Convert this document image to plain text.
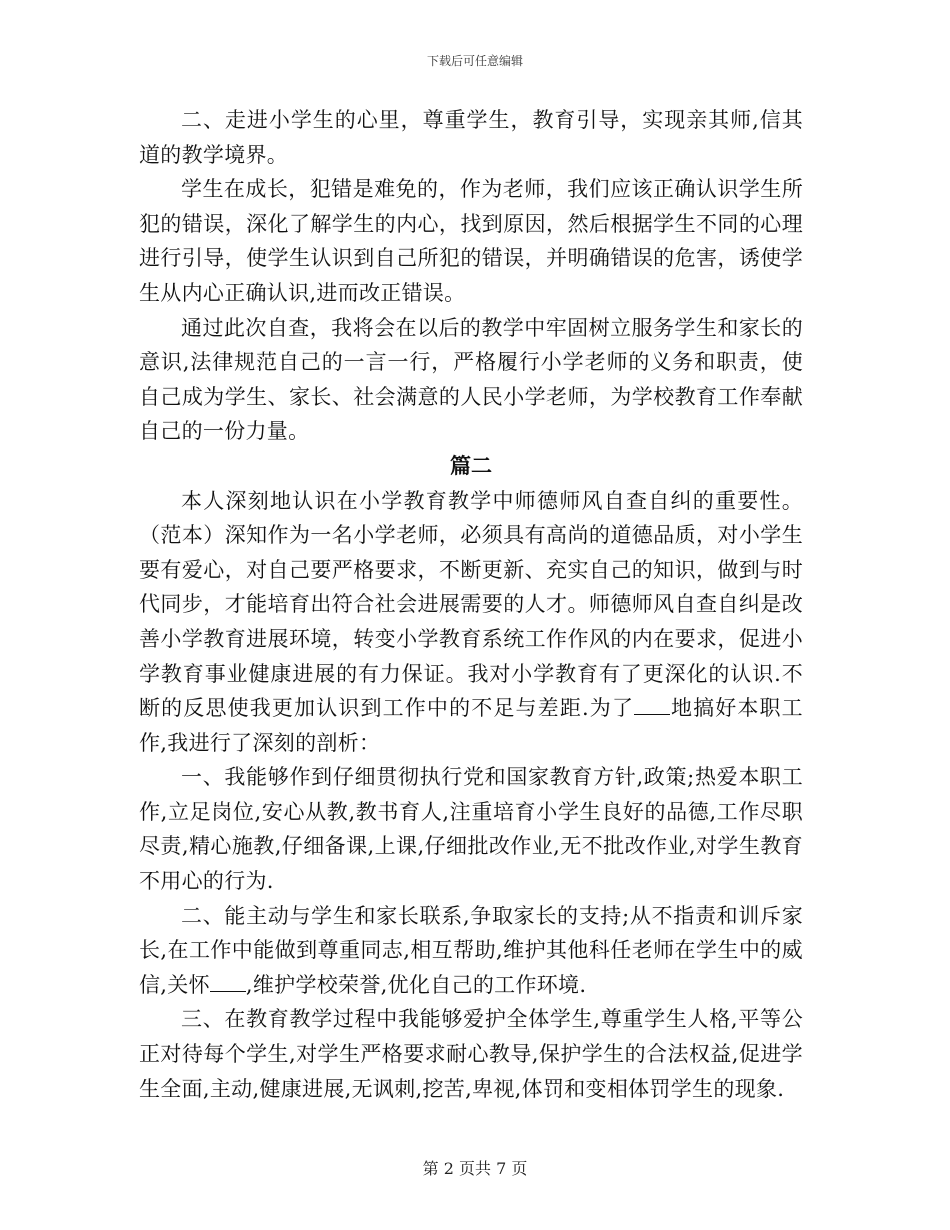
下载后可任意编辑

二、走进小学生的心里，尊重学生，教育引导，实现亲其师,信其道的教学境界。

学生在成长，犯错是难免的，作为老师，我们应该正确认识学生所犯的错误，深化了解学生的内心，找到原因，然后根据学生不同的心理进行引导，使学生认识到自己所犯的错误，并明确错误的危害，诱使学生从内心正确认识,进而改正错误。

通过此次自查，我将会在以后的教学中牢固树立服务学生和家长的意识,法律规范自己的一言一行，严格履行小学老师的义务和职责，使自己成为学生、家长、社会满意的人民小学老师，为学校教育工作奉献自己的一份力量。

篇二

本人深刻地认识在小学教育教学中师德师风自查自纠的重要性。（范本）深知作为一名小学老师，必须具有高尚的道德品质，对小学生要有爱心，对自己要严格要求，不断更新、充实自己的知识，做到与时代同步，才能培育出符合社会进展需要的人才。师德师风自查自纠是改善小学教育进展环境，转变小学教育系统工作作风的内在要求，促进小学教育事业健康进展的有力保证。我对小学教育有了更深化的认识.不断的反思使我更加认识到工作中的不足与差距.为了 地搞好本职工作,我进行了深刻的剖析：

一、我能够作到仔细贯彻执行党和国家教育方针,政策;热爱本职工作,立足岗位,安心从教,教书育人,注重培育小学生良好的品德,工作尽职尽责,精心施教,仔细备课,上课,仔细批改作业,无不批改作业,对学生教育不用心的行为.

二、能主动与学生和家长联系,争取家长的支持;从不指责和训斥家长,在工作中能做到尊重同志,相互帮助,维护其他科任老师在学生中的威信,关怀 ,维护学校荣誉,优化自己的工作环境.

三、在教育教学过程中我能够爱护全体学生,尊重学生人格,平等公正对待每个学生,对学生严格要求耐心教导,保护学生的合法权益,促进学生全面,主动,健康进展,无讽刺,挖苦,卑视,体罚和变相体罚学生的现象.

第 2 页共 7 页
